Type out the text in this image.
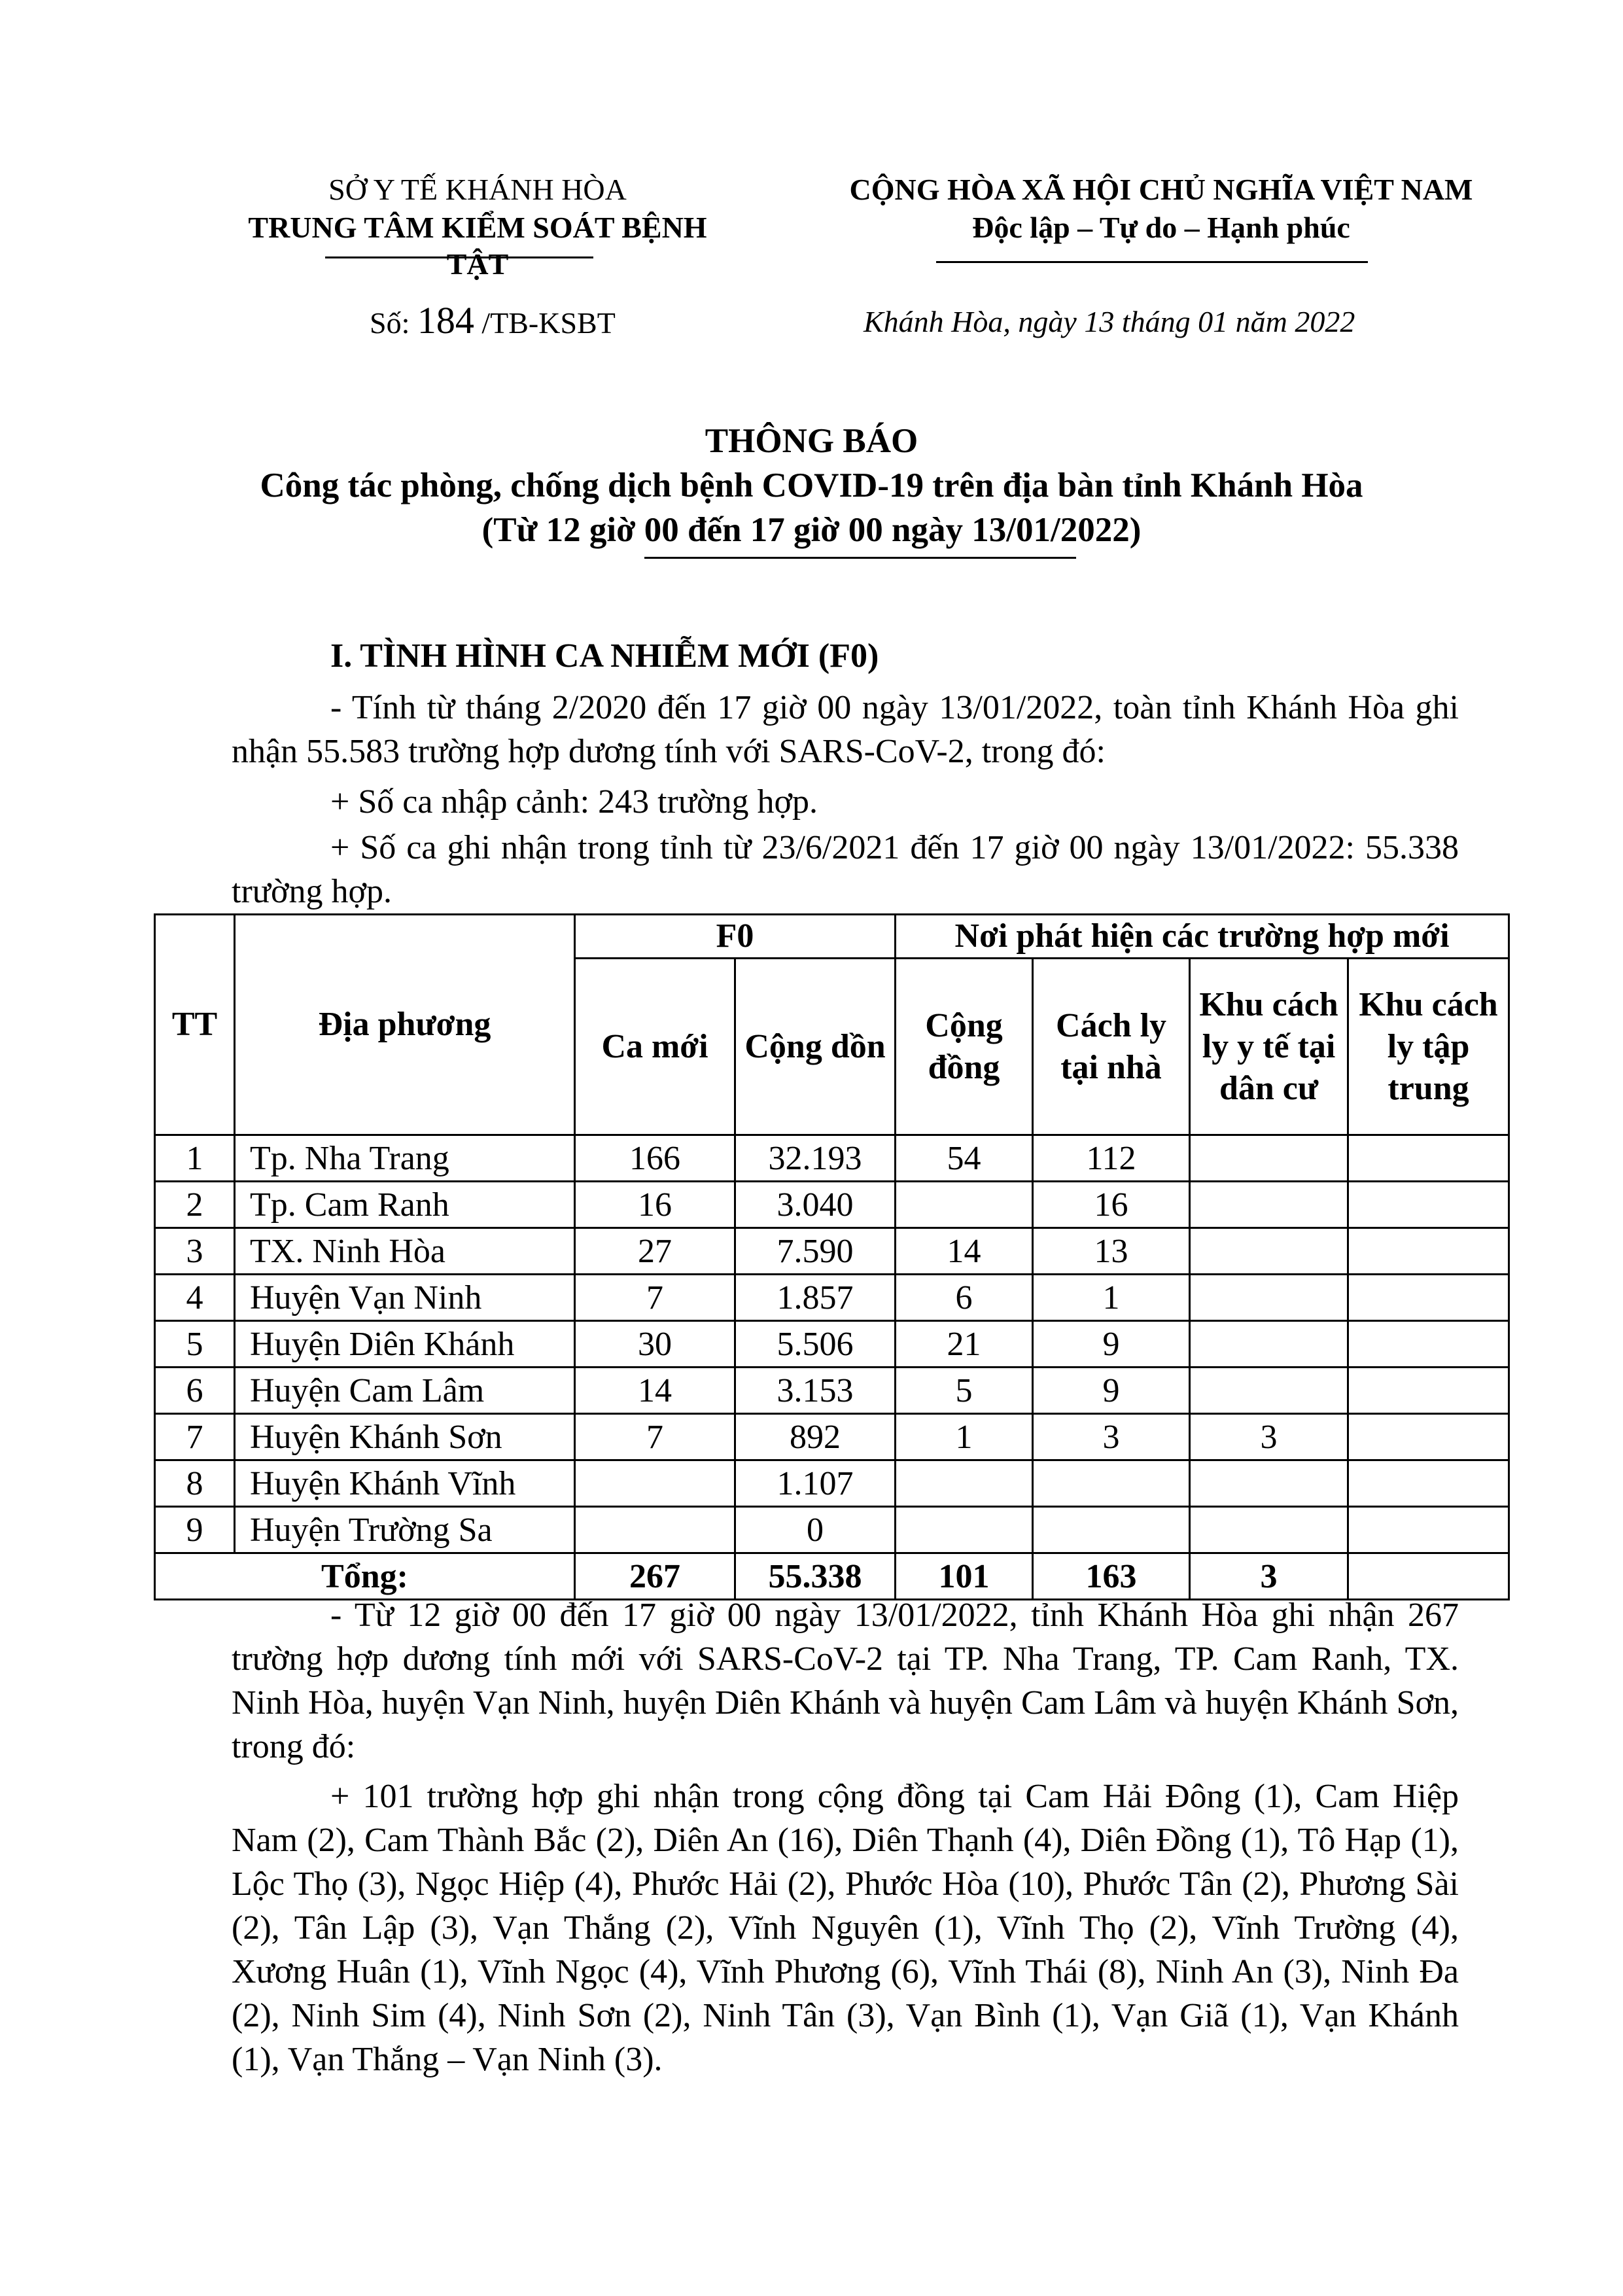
SỞ Y TẾ KHÁNH HÒA
TRUNG TÂM KIỂM SOÁT BỆNH TẬT
CỘNG HÒA XÃ HỘI CHỦ NGHĨA VIỆT NAM
Độc lập – Tự do – Hạnh phúc
Số: 184 /TB-KSBT	Khánh Hòa, ngày 13 tháng 01 năm 2022
THÔNG BÁO
Công tác phòng, chống dịch bệnh COVID-19 trên địa bàn tỉnh Khánh Hòa
(Từ 12 giờ 00 đến 17 giờ 00 ngày 13/01/2022)
I. TÌNH HÌNH CA NHIỄM MỚI (F0)
- Tính từ tháng 2/2020 đến 17 giờ 00 ngày 13/01/2022, toàn tỉnh Khánh Hòa ghi nhận 55.583 trường hợp dương tính với SARS-CoV-2, trong đó:
+ Số ca nhập cảnh: 243 trường hợp.
+ Số ca ghi nhận trong tỉnh từ 23/6/2021 đến 17 giờ 00 ngày 13/01/2022: 55.338 trường hợp.
TT	Địa phương	F0		Nơi phát hiện các trường hợp mới			
		Ca mới	Cộng dồn	Cộng đồng	Cách ly tại nhà	Khu cách ly y tế tại dân cư	Khu cách ly tập trung
1	Tp. Nha Trang	166	32.193	54	112		
2	Tp. Cam Ranh	16	3.040		16		
3	TX. Ninh Hòa	27	7.590	14	13		
4	Huyện Vạn Ninh	7	1.857	6	1		
5	Huyện Diên Khánh	30	5.506	21	9		
6	Huyện Cam Lâm	14	3.153	5	9		
7	Huyện Khánh Sơn	7	892	1	3	3	
8	Huyện Khánh Vĩnh		1.107				
9	Huyện Trường Sa		0				
Tổng:		267	55.338	101	163	3	
- Từ 12 giờ 00 đến 17 giờ 00 ngày 13/01/2022, tỉnh Khánh Hòa ghi nhận 267 trường hợp dương tính mới với SARS-CoV-2 tại TP. Nha Trang, TP. Cam Ranh, TX. Ninh Hòa, huyện Vạn Ninh, huyện Diên Khánh và huyện Cam Lâm và huyện Khánh Sơn, trong đó:
+ 101 trường hợp ghi nhận trong cộng đồng tại Cam Hải Đông (1), Cam Hiệp Nam (2), Cam Thành Bắc (2), Diên An (16), Diên Thạnh (4), Diên Đồng (1), Tô Hạp (1), Lộc Thọ (3), Ngọc Hiệp (4), Phước Hải (2), Phước Hòa (10), Phước Tân (2), Phương Sài (2), Tân Lập (3), Vạn Thắng (2), Vĩnh Nguyên (1), Vĩnh Thọ (2), Vĩnh Trường (4), Xương Huân (1), Vĩnh Ngọc (4), Vĩnh Phương (6), Vĩnh Thái (8), Ninh An (3), Ninh Đa (2), Ninh Sim (4), Ninh Sơn (2), Ninh Tân (3), Vạn Bình (1), Vạn Giã (1), Vạn Khánh (1), Vạn Thắng – Vạn Ninh (3).
